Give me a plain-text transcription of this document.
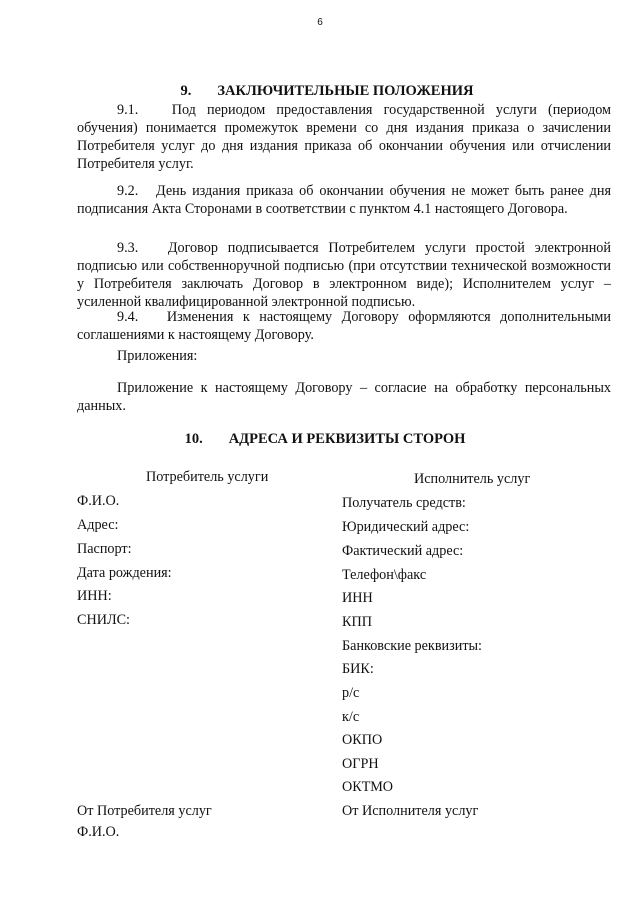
6
9. ЗАКЛЮЧИТЕЛЬНЫЕ ПОЛОЖЕНИЯ
9.1.   Под периодом предоставления государственной услуги (периодом обучения) понимается промежуток времени со дня издания приказа о зачислении Потребителя услуг до дня издания приказа об окончании обучения или отчислении Потребителя услуг.
9.2.   День издания приказа об окончании обучения не может быть ранее дня подписания Акта Сторонами в соответствии с пунктом 4.1 настоящего Договора.
9.3.   Договор подписывается Потребителем услуги простой электронной подписью или собственноручной подписью (при отсутствии технической возможности у Потребителя заключать Договор в электронном виде); Исполнителем услуг – усиленной квалифицированной электронной подписью.
9.4.   Изменения к настоящему Договору оформляются дополнительными соглашениями к настоящему Договору.
Приложения:
Приложение к настоящему Договору – согласие на обработку персональных данных.
10. АДРЕСА И РЕКВИЗИТЫ СТОРОН
Потребитель услуги	Исполнитель услуг
Ф.И.О.
Адрес:
Паспорт:
Дата рождения:
ИНН:
СНИЛС:
Получатель средств:
Юридический адрес:
Фактический адрес:
Телефон\факс
ИНН
КПП
Банковские реквизиты:
БИК:
р/с
к/с
ОКПО
ОГРН
ОКТМО
От Потребителя услуг
Ф.И.О.
От Исполнителя услуг
